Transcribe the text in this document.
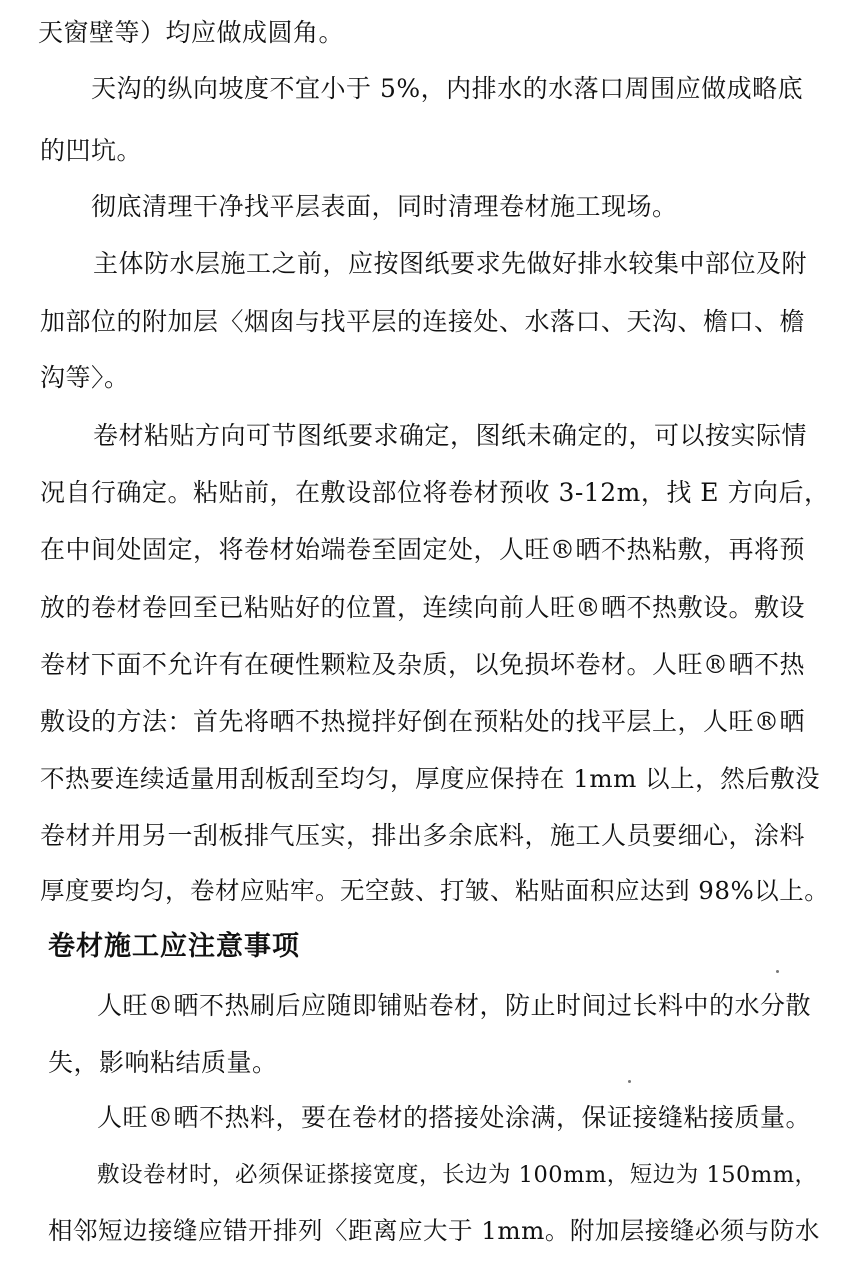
天窗壁等）均应做成圆角。
天沟的纵向坡度不宜小于 5%，内排水的水落口周围应做成略底
的凹坑。
彻底清理干净找平层表面，同时清理卷材施工现场。
主体防水层施工之前，应按图纸要求先做好排水较集中部位及附
加部位的附加层〈烟囱与找平层的连接处、水落口、天沟、檐口、檐
沟等〉。
卷材粘贴方向可节图纸要求确定，图纸未确定的，可以按实际情
况自行确定。粘贴前，在敷设部位将卷材预收 3-12m，找 E 方向后，
在中间处固定，将卷材始端卷至固定处，人旺®晒不热粘敷，再将预
放的卷材卷回至已粘贴好的位置，连续向前人旺®晒不热敷设。敷设
卷材下面不允许有在硬性颗粒及杂质，以免损坏卷材。人旺®晒不热
敷设的方法：首先将晒不热搅拌好倒在预粘处的找平层上，人旺®晒
不热要连续适量用刮板刮至均匀，厚度应保持在 1mm 以上，然后敷没
卷材并用另一刮板排气压实，排出多余底料，施工人员要细心，涂料
厚度要均匀，卷材应贴牢。无空鼓、打皱、粘贴面积应达到 98%以上。
卷材施工应注意事项
人旺®晒不热刷后应随即铺贴卷材，防止时间过长料中的水分散
失，影响粘结质量。
人旺®晒不热料，要在卷材的搭接处涂满，保证接缝粘接质量。
敷设卷材时，必须保证搽接宽度，长边为 100mm，短边为 150mm，
相邻短边接缝应错开排列〈距离应大于 1mm。附加层接缝必须与防水
